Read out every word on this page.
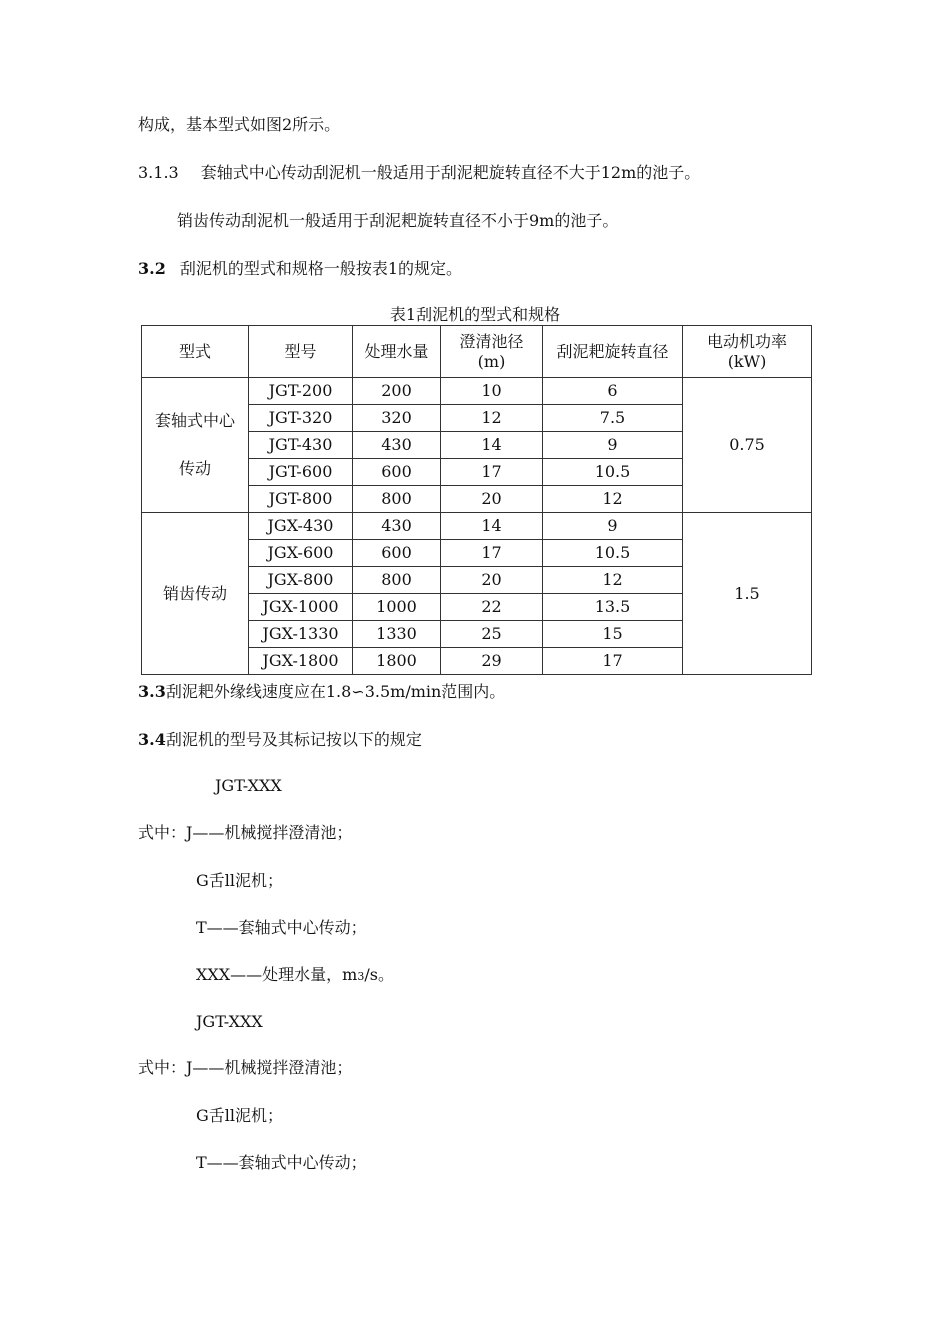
构成，基本型式如图2所示。
3.1.3 套轴式中心传动刮泥机一般适用于刮泥耙旋转直径不大于12m的池子。
销齿传动刮泥机一般适用于刮泥耙旋转直径不小于9m的池子。
3.2 刮泥机的型式和规格一般按表1的规定。
表1刮泥机的型式和规格
型式	型号	处理水量	澄清池径(m)	刮泥耙旋转直径	电动机功率(kW)

套轴式中心
传动	JGT-200	200	10	6	0.75
	JGT-320	320	12	7.5	
	JGT-430	430	14	9	
	JGT-600	600	17	10.5	
	JGT-800	800	20	12	

销齿传动	JGX-430	430	14	9	1.5
	JGX-600	600	17	10.5	
	JGX-800	800	20	12	
	JGX-1000	1000	22	13.5	
	JGX-1330	1330	25	15	
	JGX-1800	1800	29	17	
3.3刮泥耙外缘线速度应在1.8∽3.5m/min范围内。
3.4刮泥机的型号及其标记按以下的规定
JGT-XXX
式中：J——机械搅拌澄清池；
G舌ll泥机；
T——套轴式中心传动；
XXX——处理水量，m3/s。
JGT-XXX
式中：J——机械搅拌澄清池；
G舌ll泥机；
T——套轴式中心传动；
